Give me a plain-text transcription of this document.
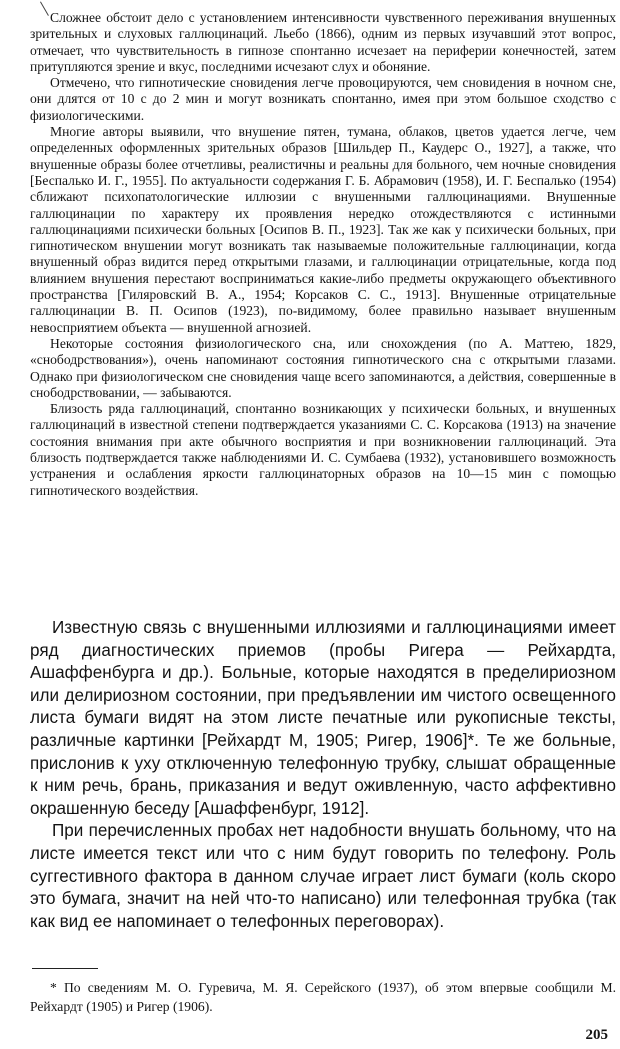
Сложнее обстоит дело с установлением интенсивности чувственного переживания внушенных зрительных и слуховых галлюцинаций. Льебо (1866), одним из первых изучавший этот вопрос, отмечает, что чувствительность в гипнозе спонтанно исчезает на периферии конечностей, затем притупляются зрение и вкус, последними исчезают слух и обоняние.

Отмечено, что гипнотические сновидения легче провоцируются, чем сновидения в ночном сне, они длятся от 10 с до 2 мин и могут возникать спонтанно, имея при этом большое сходство с физиологическими.

Многие авторы выявили, что внушение пятен, тумана, облаков, цветов удается легче, чем определенных оформленных зрительных образов [Шильдер П., Каудерс О., 1927], а также, что внушенные образы более отчетливы, реалистичны и реальны для больного, чем ночные сновидения [Беспалько И. Г., 1955]. По актуальности содержания Г. Б. Абрамович (1958), И. Г. Беспалько (1954) сближают психопатологические иллюзии с внушенными галлюцинациями. Внушенные галлюцинации по характеру их проявления нередко отождествляются с истинными галлюцинациями психически больных [Осипов В. П., 1923]. Так же как у психически больных, при гипнотическом внушении могут возникать так называемые положительные галлюцинации, когда внушенный образ видится перед открытыми глазами, и галлюцинации отрицательные, когда под влиянием внушения перестают восприниматься какие-либо предметы окружающего объективного пространства [Гиляровский В. А., 1954; Корсаков С. С., 1913]. Внушенные отрицательные галлюцинации В. П. Осипов (1923), по-видимому, более правильно называет внушенным невосприятием объекта — внушенной агнозией.

Некоторые состояния физиологического сна, или снохождения (по А. Маттею, 1829, «снободрствования»), очень напоминают состояния гипнотического сна с открытыми глазами. Однако при физиологическом сне сновидения чаще всего запоминаются, а действия, совершенные в снободрствовании, — забываются.

Близость ряда галлюцинаций, спонтанно возникающих у психически больных, и внушенных галлюцинаций в известной степени подтверждается указаниями С. С. Корсакова (1913) на значение состояния внимания при акте обычного восприятия и при возникновении галлюцинаций. Эта близость подтверждается также наблюдениями И. С. Сумбаева (1932), установившего возможность устранения и ослабления яркости галлюцинаторных образов на 10—15 мин с помощью гипнотического воздействия.

Известную связь с внушенными иллюзиями и галлюцинациями имеет ряд диагностических приемов (пробы Ригера — Рейхардта, Ашаффенбурга и др.). Больные, которые находятся в пределириозном или делириозном состоянии, при предъявлении им чистого освещенного листа бумаги видят на этом листе печатные или рукописные тексты, различные картинки [Рейхардт М, 1905; Ригер, 1906]*. Те же больные, прислонив к уху отключенную телефонную трубку, слышат обращенные к ним речь, брань, приказания и ведут оживленную, часто аффективно окрашенную беседу [Ашаффенбург, 1912].

При перечисленных пробах нет надобности внушать больному, что на листе имеется текст или что с ним будут говорить по телефону. Роль суггестивного фактора в данном случае играет лист бумаги (коль скоро это бумага, значит на ней что-то написано) или телефонная трубка (так как вид ее напоминает о телефонных переговорах).

* По сведениям М. О. Гуревича, М. Я. Серейского (1937), об этом впервые сообщили М. Рейхардт (1905) и Ригер (1906).

205
